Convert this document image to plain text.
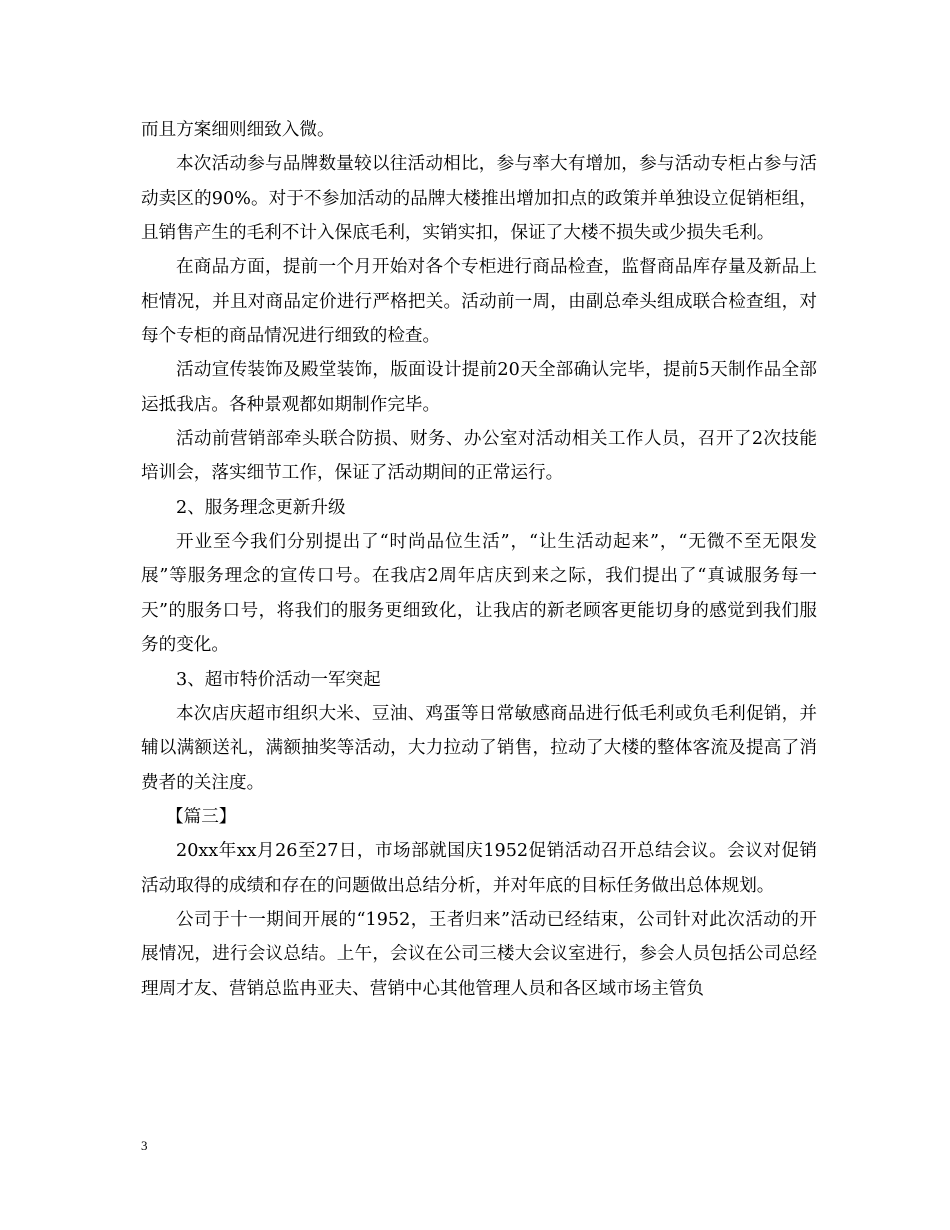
而且方案细则细致入微。

本次活动参与品牌数量较以往活动相比，参与率大有增加，参与活动专柜占参与活动卖区的90%。对于不参加活动的品牌大楼推出增加扣点的政策并单独设立促销柜组，且销售产生的毛利不计入保底毛利，实销实扣，保证了大楼不损失或少损失毛利。

在商品方面，提前一个月开始对各个专柜进行商品检查，监督商品库存量及新品上柜情况，并且对商品定价进行严格把关。活动前一周，由副总牵头组成联合检查组，对每个专柜的商品情况进行细致的检查。

活动宣传装饰及殿堂装饰，版面设计提前20天全部确认完毕，提前5天制作品全部运抵我店。各种景观都如期制作完毕。

活动前营销部牵头联合防损、财务、办公室对活动相关工作人员，召开了2次技能培训会，落实细节工作，保证了活动期间的正常运行。

2、服务理念更新升级

开业至今我们分别提出了“时尚品位生活”，“让生活动起来”，“无微不至无限发展”等服务理念的宣传口号。在我店2周年店庆到来之际，我们提出了“真诚服务每一天”的服务口号，将我们的服务更细致化，让我店的新老顾客更能切身的感觉到我们服务的变化。

3、超市特价活动一军突起

本次店庆超市组织大米、豆油、鸡蛋等日常敏感商品进行低毛利或负毛利促销，并辅以满额送礼，满额抽奖等活动，大力拉动了销售，拉动了大楼的整体客流及提高了消费者的关注度。

【篇三】

20xx年xx月26至27日，市场部就国庆1952促销活动召开总结会议。会议对促销活动取得的成绩和存在的问题做出总结分析，并对年底的目标任务做出总体规划。

公司于十一期间开展的“1952，王者归来”活动已经结束，公司针对此次活动的开展情况，进行会议总结。上午，会议在公司三楼大会议室进行，参会人员包括公司总经理周才友、营销总监冉亚夫、营销中心其他管理人员和各区域市场主管负

3
